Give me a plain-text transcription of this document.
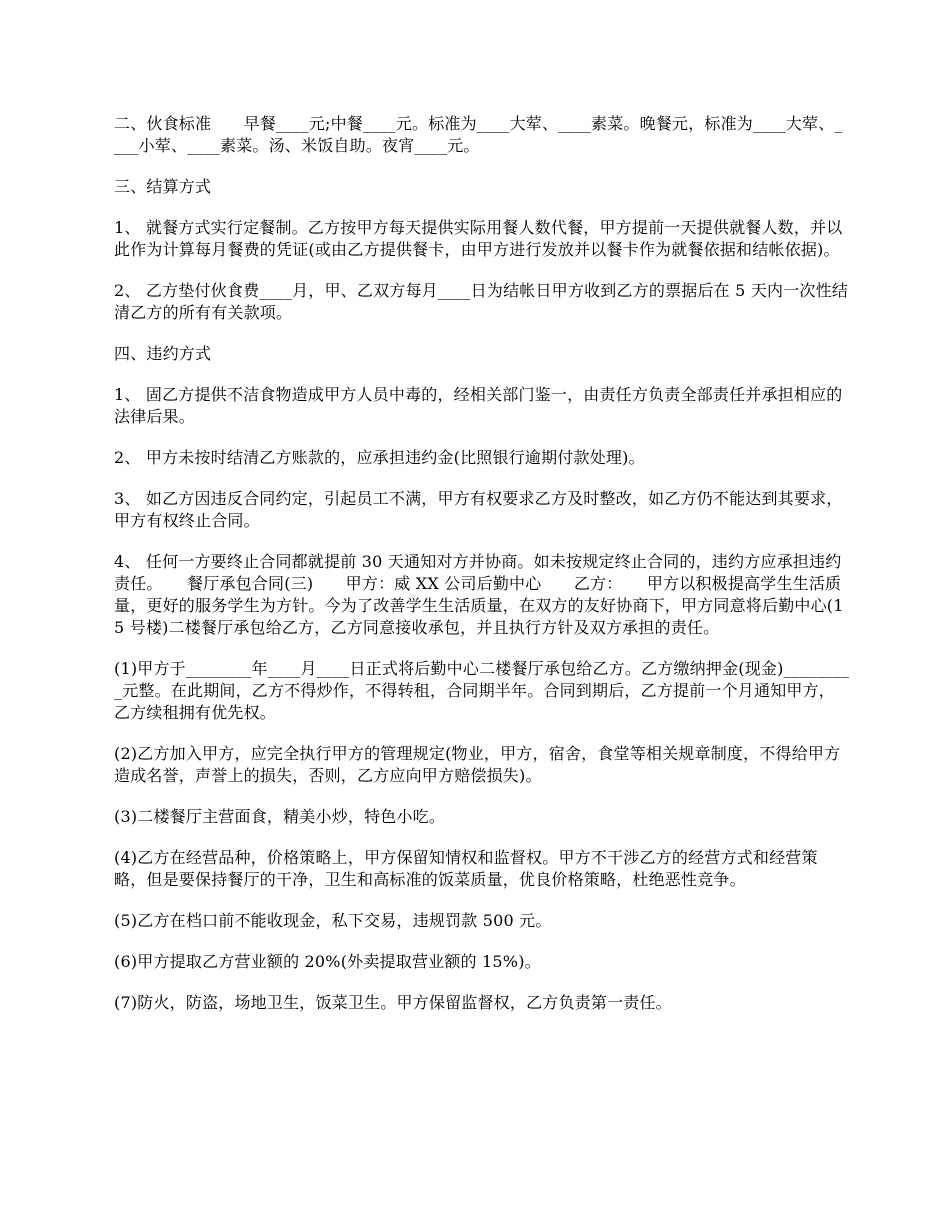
二、伙食标准　　早餐____元;中餐____元。标准为____大荤、____素菜。晚餐元，标准为____大荤、____小荤、____素菜。汤、米饭自助。夜宵____元。

三、结算方式

1、 就餐方式实行定餐制。乙方按甲方每天提供实际用餐人数代餐，甲方提前一天提供就餐人数，并以此作为计算每月餐费的凭证(或由乙方提供餐卡，由甲方进行发放并以餐卡作为就餐依据和结帐依据)。

2、 乙方垫付伙食费____月，甲、乙双方每月____日为结帐日甲方收到乙方的票据后在 5 天内一次性结清乙方的所有有关款项。

四、违约方式

1、 固乙方提供不洁食物造成甲方人员中毒的，经相关部门鉴一，由责任方负责全部责任并承担相应的法律后果。

2、 甲方未按时结清乙方账款的，应承担违约金(比照银行逾期付款处理)。

3、 如乙方因违反合同约定，引起员工不满，甲方有权要求乙方及时整改，如乙方仍不能达到其要求，甲方有权终止合同。

4、 任何一方要终止合同都就提前 30 天通知对方并协商。如未按规定终止合同的，违约方应承担违约责任。　　餐厅承包合同(三)　　甲方：威 XX 公司后勤中心　　乙方：　　甲方以积极提高学生生活质量，更好的服务学生为方针。今为了改善学生生活质量，在双方的友好协商下，甲方同意将后勤中心(15 号楼)二楼餐厅承包给乙方，乙方同意接收承包，并且执行方针及双方承担的责任。

(1)甲方于________年____月____日正式将后勤中心二楼餐厅承包给乙方。乙方缴纳押金(现金)_________元整。在此期间，乙方不得炒作，不得转租，合同期半年。合同到期后，乙方提前一个月通知甲方，乙方续租拥有优先权。

(2)乙方加入甲方，应完全执行甲方的管理规定(物业，甲方，宿舍，食堂等相关规章制度，不得给甲方造成名誉，声誉上的损失，否则，乙方应向甲方赔偿损失)。

(3)二楼餐厅主营面食，精美小炒，特色小吃。

(4)乙方在经营品种，价格策略上，甲方保留知情权和监督权。甲方不干涉乙方的经营方式和经营策略，但是要保持餐厅的干净，卫生和高标准的饭菜质量，优良价格策略，杜绝恶性竞争。

(5)乙方在档口前不能收现金，私下交易，违规罚款 500 元。

(6)甲方提取乙方营业额的 20%(外卖提取营业额的 15%)。

(7)防火，防盗，场地卫生，饭菜卫生。甲方保留监督权，乙方负责第一责任。
